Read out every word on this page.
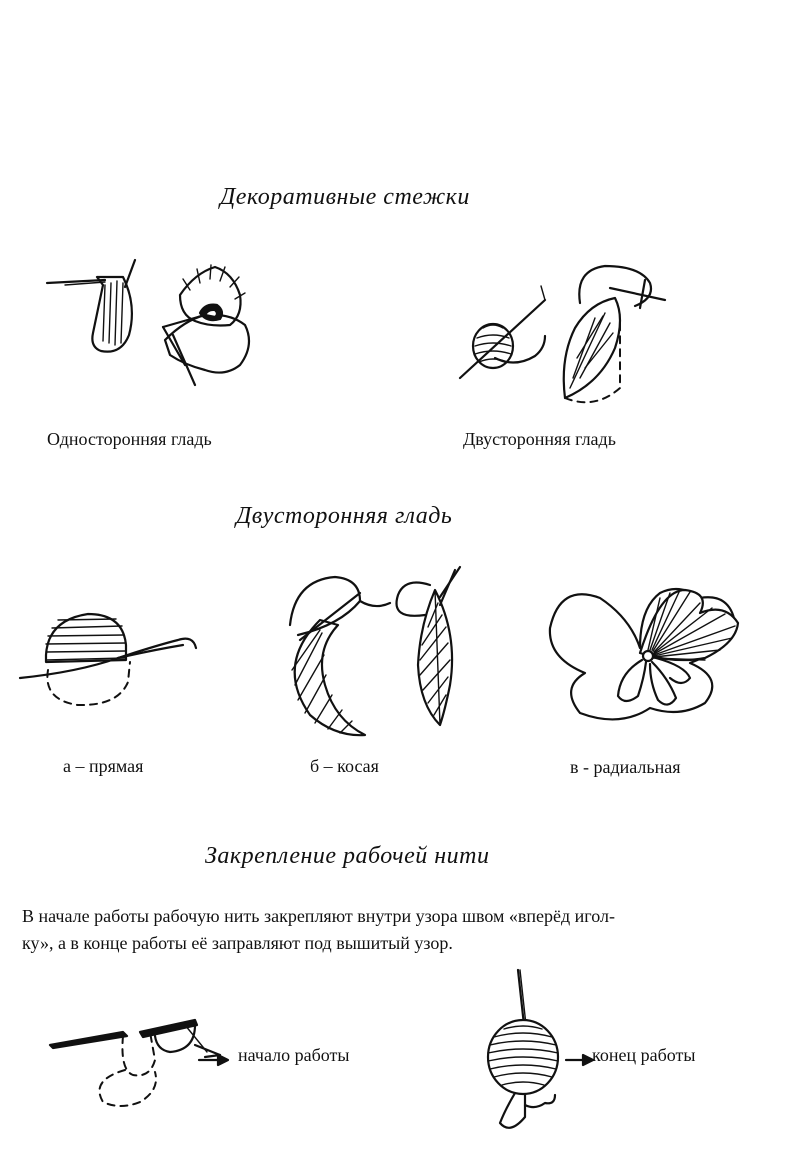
Декоративные стежки
Односторонняя гладь	Двусторонняя гладь
Двусторонняя гладь
а – прямая	б – косая	в - радиальная
Закрепление рабочей нити
В начале работы рабочую нить закрепляют внутри узора швом «вперёд игол-
ку», а в конце работы её заправляют под вышитый узор.
начало работы	конец работы
